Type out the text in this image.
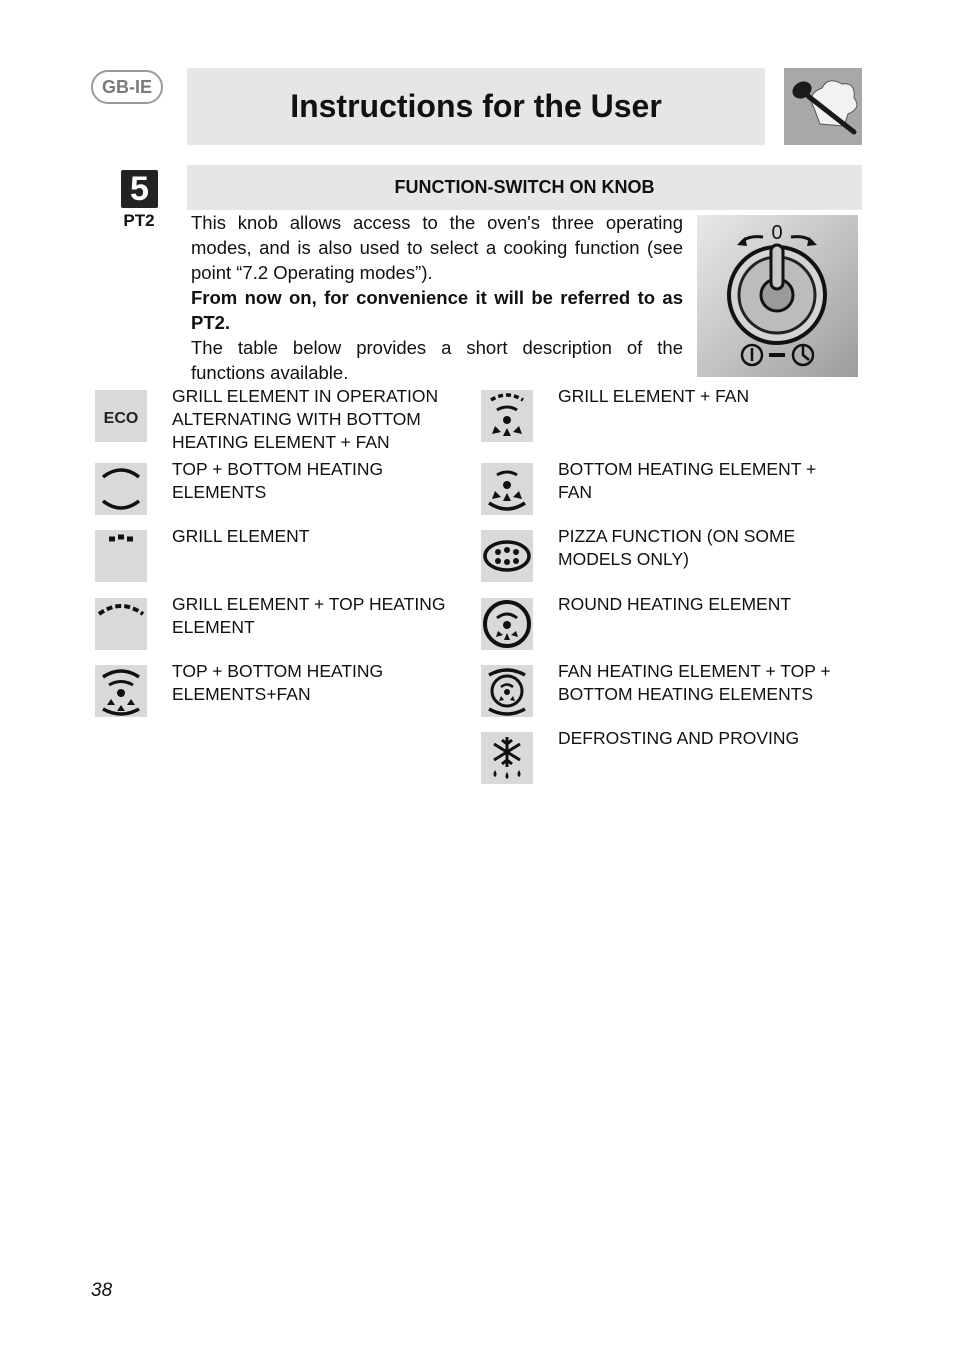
GB-IE
Instructions for the User
5
PT2
FUNCTION-SWITCH ON KNOB

This knob allows access to the oven's three operating modes, and is also used to select a cooking function (see point “7.2 Operating modes”).

From now on, for convenience it will be referred to as PT2.

The table below provides a short description of the functions available.

0
ECO
GRILL ELEMENT IN OPERATION ALTERNATING WITH BOTTOM HEATING ELEMENT + FAN
TOP + BOTTOM HEATING ELEMENTS
GRILL ELEMENT
GRILL ELEMENT + TOP HEATING ELEMENT
TOP + BOTTOM HEATING ELEMENTS+FAN
GRILL ELEMENT + FAN
BOTTOM HEATING ELEMENT + FAN
PIZZA FUNCTION (ON SOME MODELS ONLY)
ROUND HEATING ELEMENT
FAN HEATING ELEMENT + TOP + BOTTOM HEATING ELEMENTS
DEFROSTING AND PROVING
38
